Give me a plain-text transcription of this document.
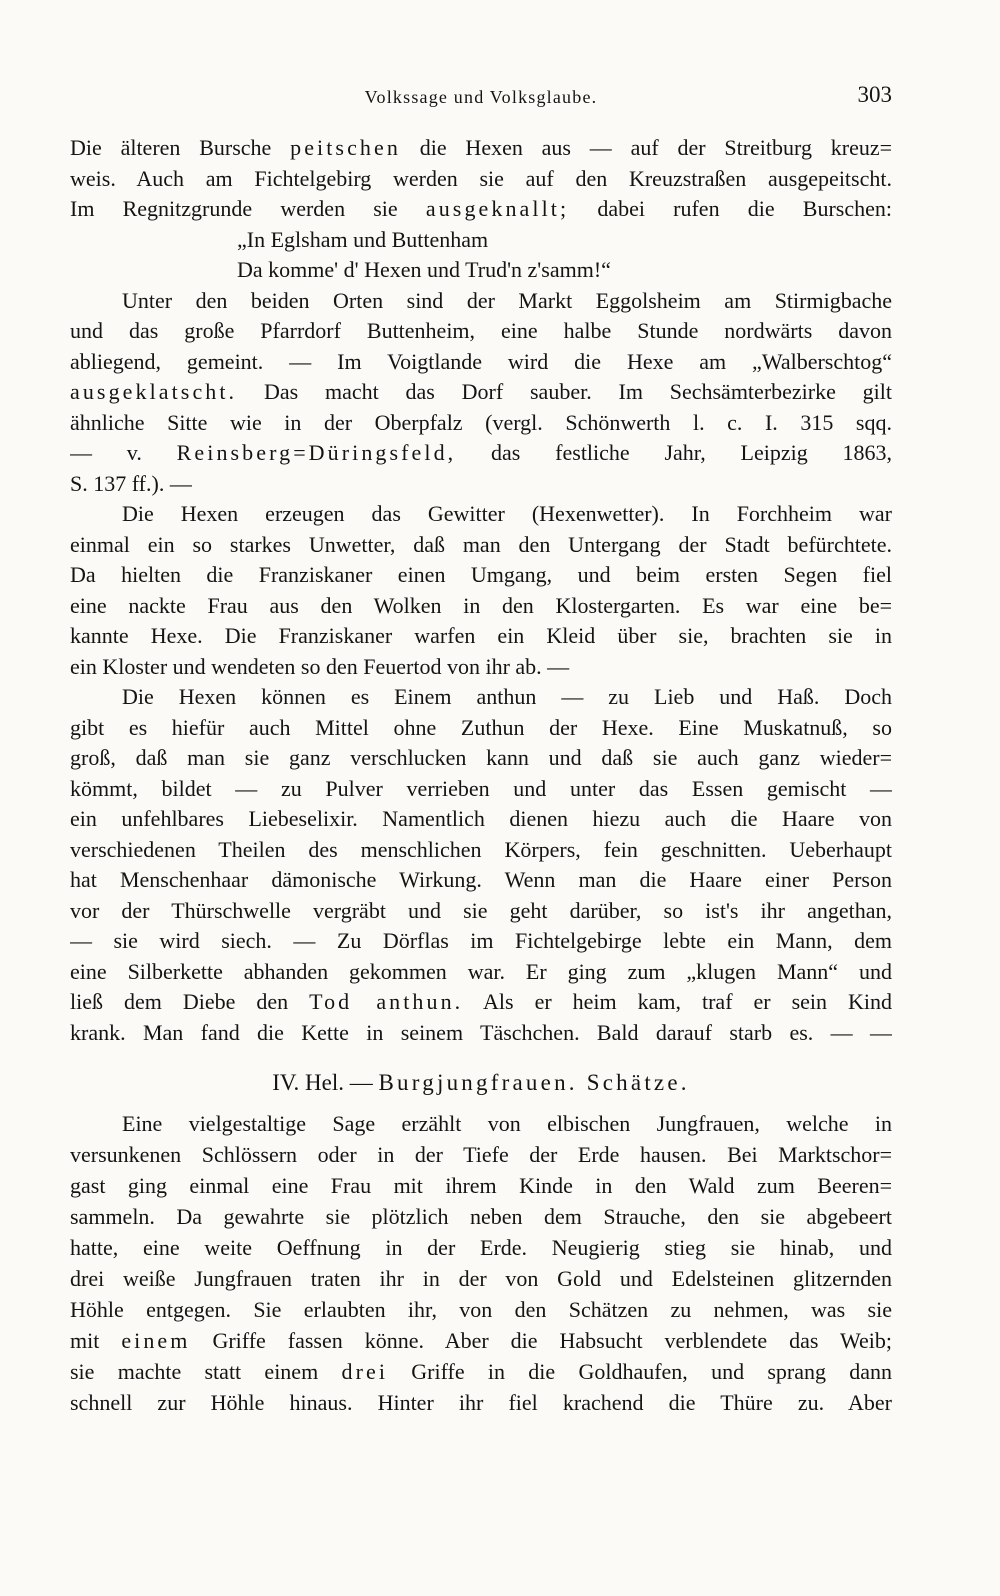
Volkssage und Volksglaube.	303
Die älteren Bursche peitschen die Hexen aus — auf der Streitburg kreuz=
weis. Auch am Fichtelgebirg werden sie auf den Kreuzstraßen ausgepeitscht.
Im Regnitzgrunde werden sie ausgeknallt; dabei rufen die Burschen:
„In Eglsham und Buttenham
Da komme' d' Hexen und Trud'n z'samm!“
Unter den beiden Orten sind der Markt Eggolsheim am Stirmigbache
und das große Pfarrdorf Buttenheim, eine halbe Stunde nordwärts davon
abliegend, gemeint. — Im Voigtlande wird die Hexe am „Walberschtog“
ausgeklatscht. Das macht das Dorf sauber. Im Sechsämterbezirke gilt
ähnliche Sitte wie in der Oberpfalz (vergl. Schönwerth l. c. I. 315 sqq.
— v. Reinsberg=Düringsfeld, das festliche Jahr, Leipzig 1863,
S. 137 ff.). —
Die Hexen erzeugen das Gewitter (Hexenwetter). In Forchheim war
einmal ein so starkes Unwetter, daß man den Untergang der Stadt befürchtete.
Da hielten die Franziskaner einen Umgang, und beim ersten Segen fiel
eine nackte Frau aus den Wolken in den Klostergarten. Es war eine be=
kannte Hexe. Die Franziskaner warfen ein Kleid über sie, brachten sie in
ein Kloster und wendeten so den Feuertod von ihr ab. —
Die Hexen können es Einem anthun — zu Lieb und Haß. Doch
gibt es hiefür auch Mittel ohne Zuthun der Hexe. Eine Muskatnuß, so
groß, daß man sie ganz verschlucken kann und daß sie auch ganz wieder=
kömmt, bildet — zu Pulver verrieben und unter das Essen gemischt —
ein unfehlbares Liebeselixir. Namentlich dienen hiezu auch die Haare von
verschiedenen Theilen des menschlichen Körpers, fein geschnitten. Ueberhaupt
hat Menschenhaar dämonische Wirkung. Wenn man die Haare einer Person
vor der Thürschwelle vergräbt und sie geht darüber, so ist's ihr angethan,
— sie wird siech. — Zu Dörflas im Fichtelgebirge lebte ein Mann, dem
eine Silberkette abhanden gekommen war. Er ging zum „klugen Mann“ und
ließ dem Diebe den Tod anthun. Als er heim kam, traf er sein Kind
krank. Man fand die Kette in seinem Täschchen. Bald darauf starb es. — —
IV. Hel. — Burgjungfrauen. Schätze.
Eine vielgestaltige Sage erzählt von elbischen Jungfrauen, welche in
versunkenen Schlössern oder in der Tiefe der Erde hausen. Bei Marktschor=
gast ging einmal eine Frau mit ihrem Kinde in den Wald zum Beeren=
sammeln. Da gewahrte sie plötzlich neben dem Strauche, den sie abgebeert
hatte, eine weite Oeffnung in der Erde. Neugierig stieg sie hinab, und
drei weiße Jungfrauen traten ihr in der von Gold und Edelsteinen glitzernden
Höhle entgegen. Sie erlaubten ihr, von den Schätzen zu nehmen, was sie
mit einem Griffe fassen könne. Aber die Habsucht verblendete das Weib;
sie machte statt einem drei Griffe in die Goldhaufen, und sprang dann
schnell zur Höhle hinaus. Hinter ihr fiel krachend die Thüre zu. Aber
